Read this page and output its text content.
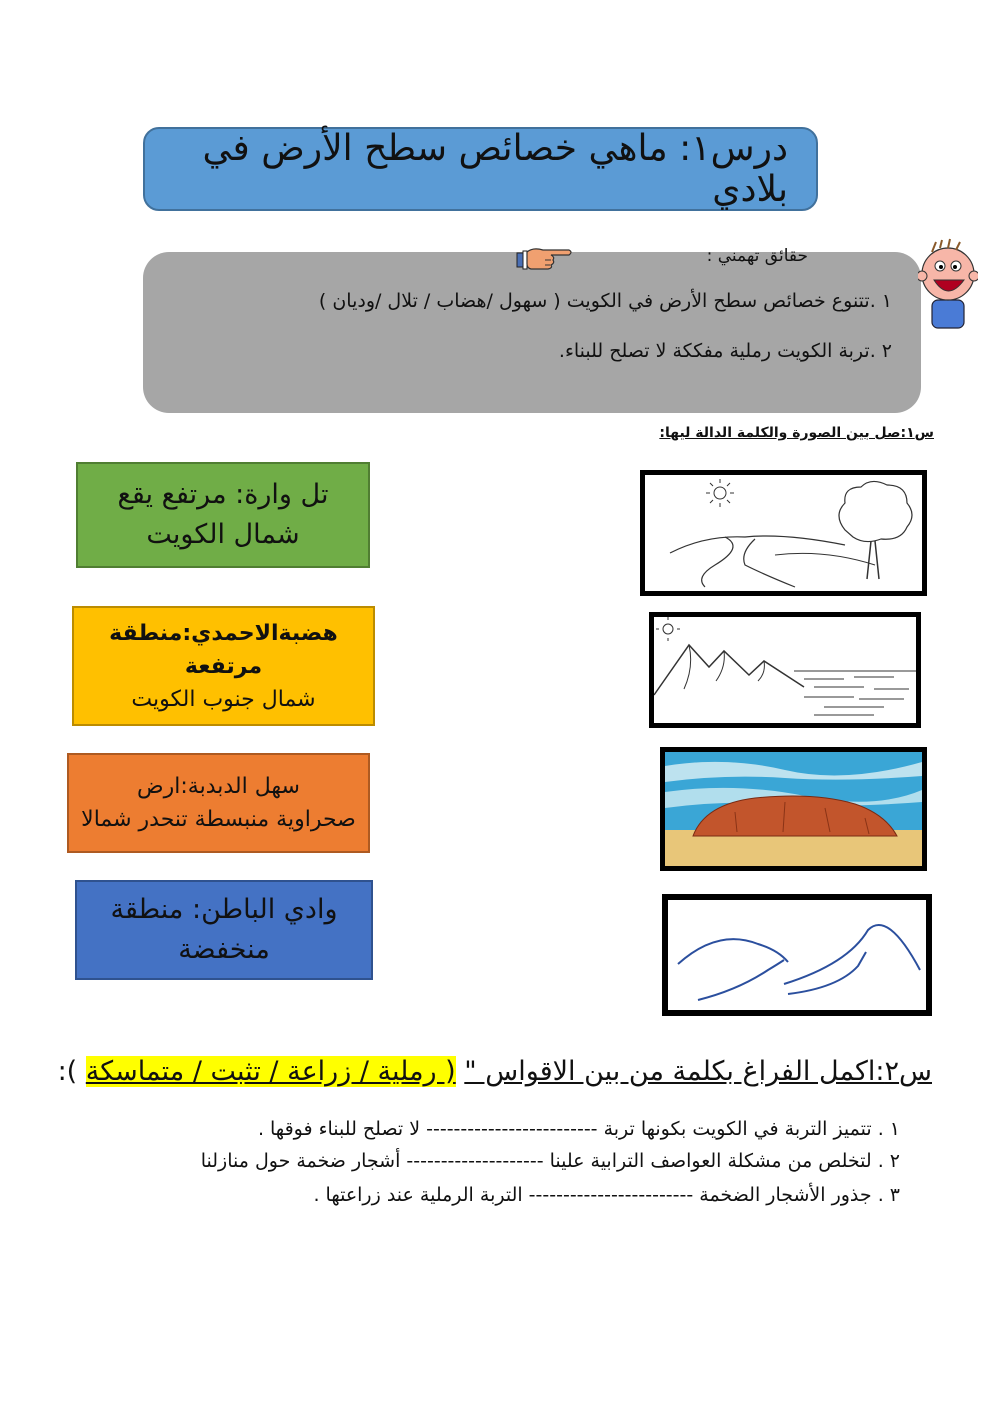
درس١: ماهي خصائص سطح الأرض في بلادي
حقائق تهمني :
١ .تتنوع خصائص سطح الأرض في الكويت ( سهول /هضاب / تلال /وديان )
٢ .تربة الكويت رملية مفككة لا تصلح للبناء.
س١:صل بين الصورة والكلمة الدالة ليها:
تل وارة: مرتفع يقع
شمال الكويت
هضبةالاحمدي:منطقة مرتفعة
شمال جنوب الكويت
سهل الدبدبة:ارض
صحراوية منبسطة تنحدر شمالا
وادي الباطن: منطقة
منخفضة
س٢:اكمل الفراغ بكلمة من بين الاقواس " ( رملية / زراعة / تثبت / متماسكة ):
١ . تتميز التربة في الكويت بكونها تربة ------------------------- لا تصلح للبناء فوقها .
٢ . لتخلص من مشكلة العواصف الترابية علينا -------------------- أشجار ضخمة حول منازلنا
٣ . جذور الأشجار الضخمة ------------------------ التربة الرملية عند زراعتها .
